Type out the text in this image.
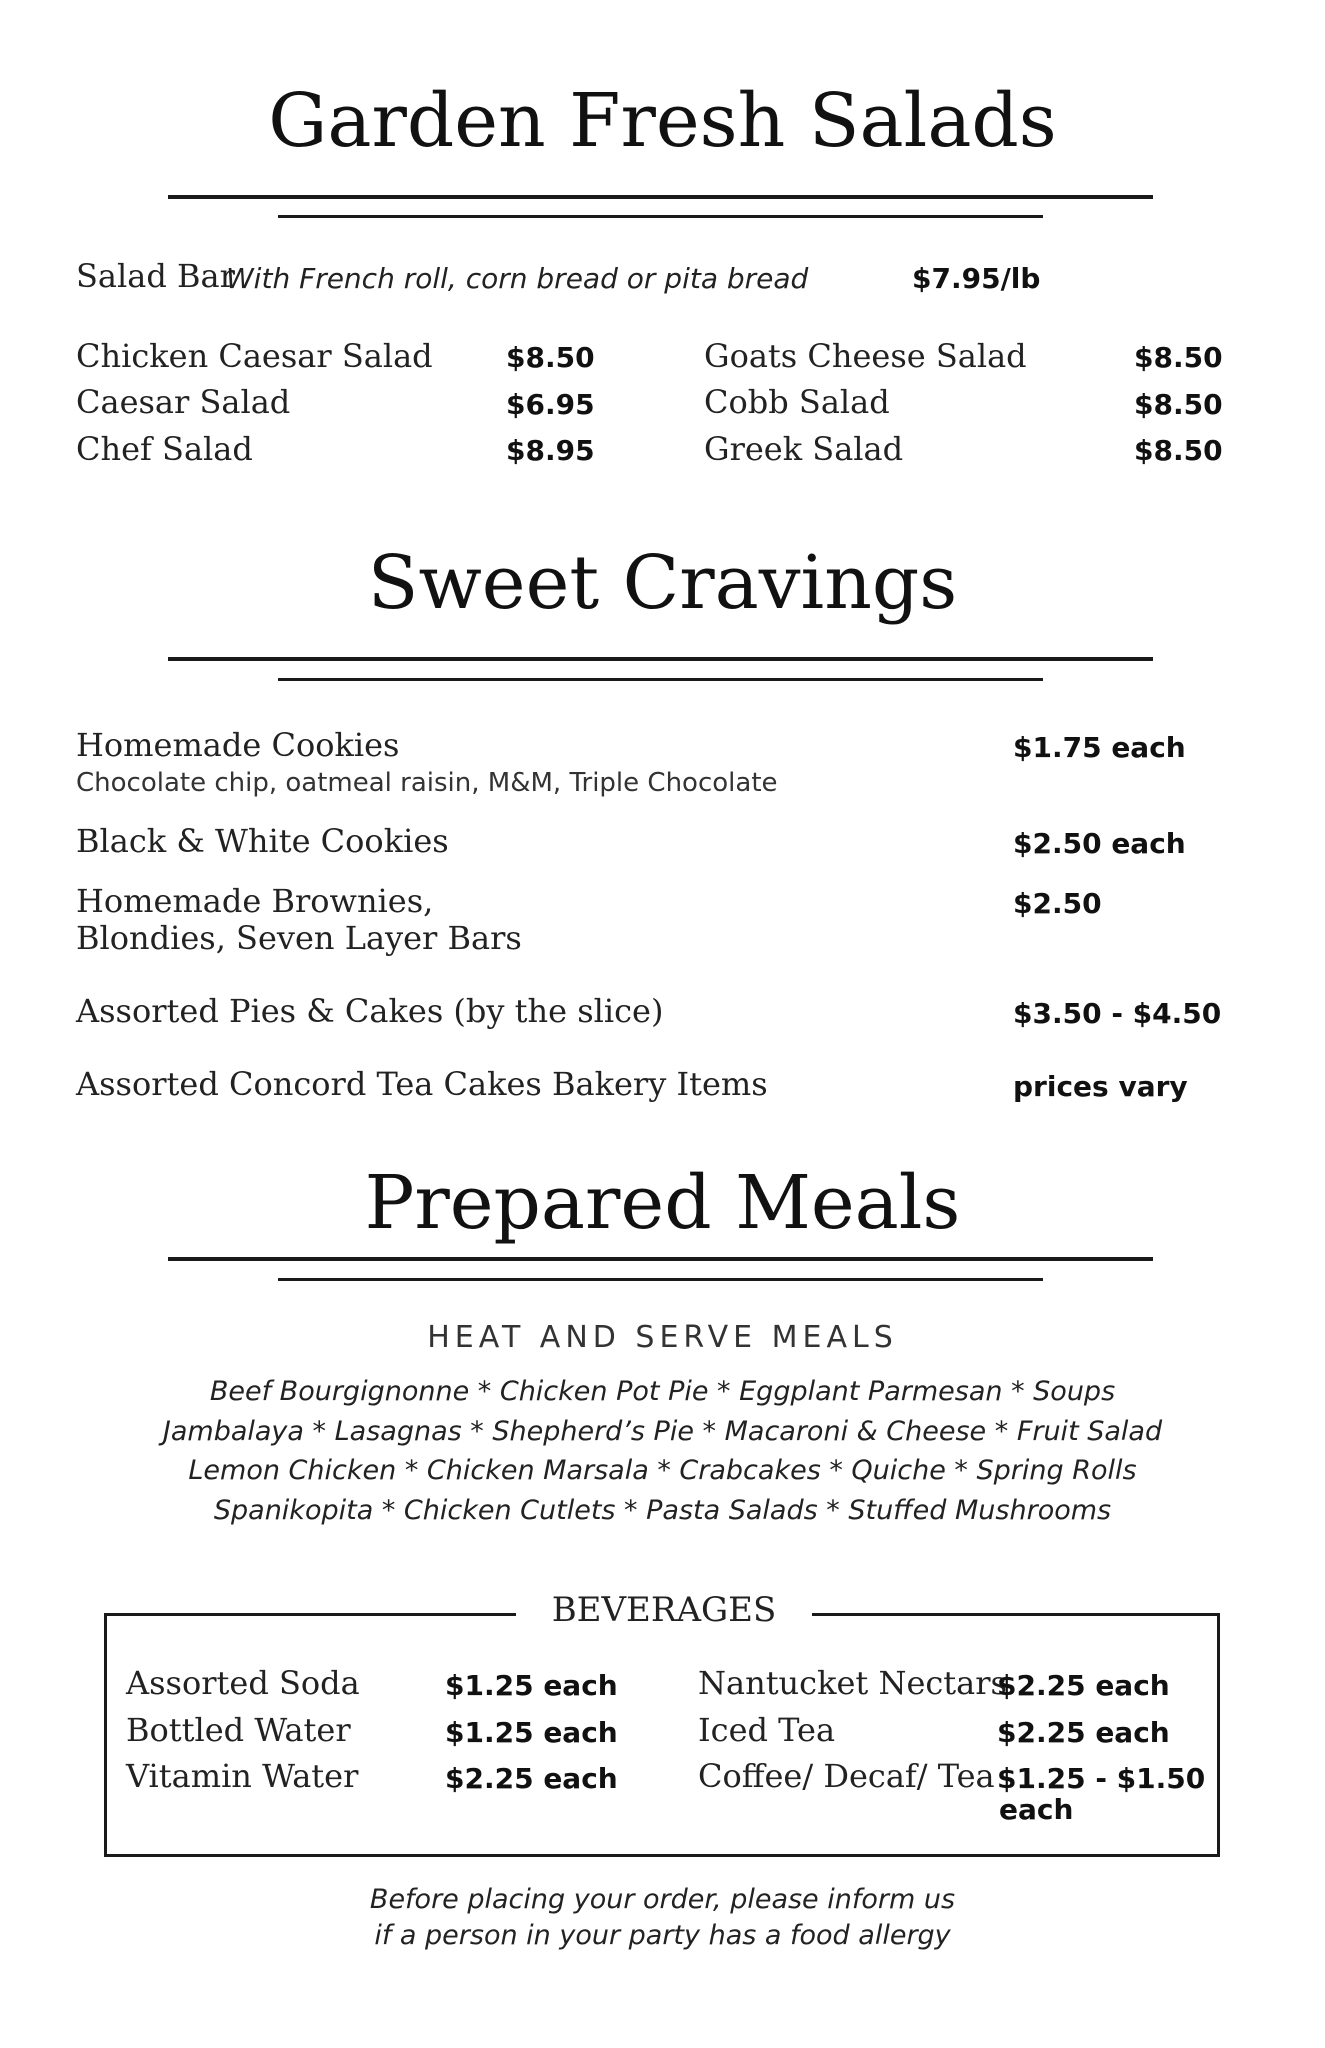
Garden Fresh Salads
Salad Bar
With French roll, corn bread or pita bread	$7.95/lb
Chicken Caesar Salad	$8.50
Caesar Salad	$6.95
Chef Salad	$8.95
Goats Cheese Salad	$8.50
Cobb Salad	$8.50
Greek Salad	$8.50
Sweet Cravings
Homemade Cookies
Chocolate chip, oatmeal raisin, M&M, Triple Chocolate
$1.75 each
Black & White Cookies	$2.50 each
Homemade Brownies,
Blondies, Seven Layer Bars
$2.50
Assorted Pies & Cakes (by the slice)	$3.50 - $4.50
Assorted Concord Tea Cakes Bakery Items	prices vary
Prepared Meals
HEAT AND SERVE MEALS
Beef Bourgignonne * Chicken Pot Pie * Eggplant Parmesan * Soups
Jambalaya * Lasagnas * Shepherd’s Pie * Macaroni & Cheese * Fruit Salad
Lemon Chicken * Chicken Marsala * Crabcakes * Quiche * Spring Rolls
Spanikopita * Chicken Cutlets * Pasta Salads * Stuffed Mushrooms
BEVERAGES
Assorted Soda	$1.25 each
Bottled Water	$1.25 each
Vitamin Water	$2.25 each
Nantucket Nectars
$2.25 each
Iced Tea	$2.25 each
Coffee/ Decaf/ Tea $1.25 - $1.50
each
Before placing your order, please inform us
if a person in your party has a food allergy
